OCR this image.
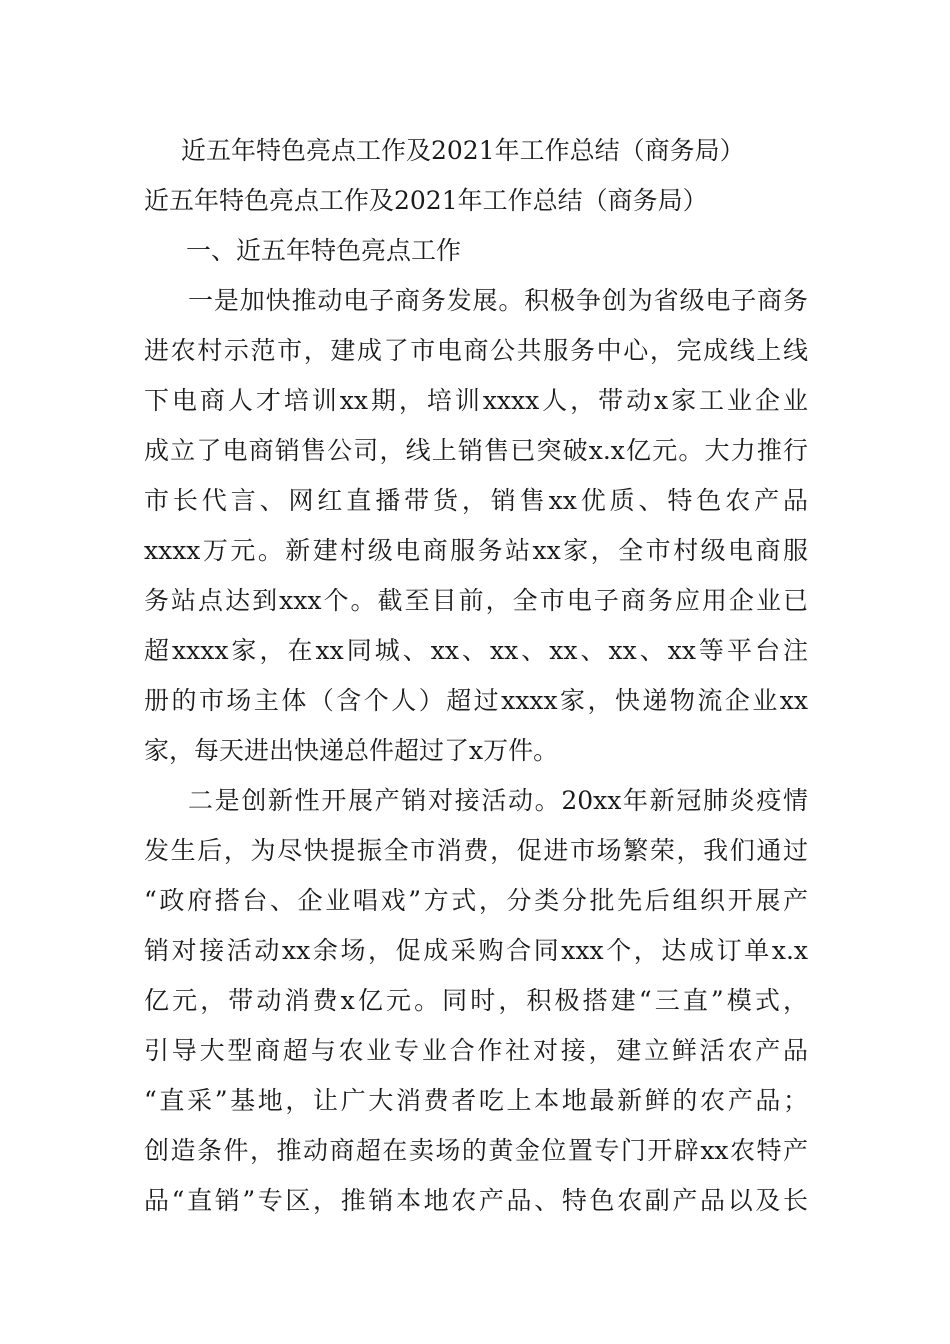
近五年特色亮点工作及2021年工作总结（商务局）
近五年特色亮点工作及2021年工作总结（商务局）
一、近五年特色亮点工作

一是加快推动电子商务发展。积极争创为省级电子商务
进农村示范市，建成了市电商公共服务中心，完成线上线
下电商人才培训xx期，培训xxxx人，带动x家工业企业
成立了电商销售公司，线上销售已突破x.x亿元。大力推行
市长代言、网红直播带货，销售xx优质、特色农产品
xxxx万元。新建村级电商服务站xx家，全市村级电商服
务站点达到xxx个。截至目前，全市电子商务应用企业已
超xxxx家，在xx同城、xx、xx、xx、xx、xx等平台注
册的市场主体（含个人）超过xxxx家，快递物流企业xx
家，每天进出快递总件超过了x万件。

二是创新性开展产销对接活动。20xx年新冠肺炎疫情
发生后，为尽快提振全市消费，促进市场繁荣，我们通过
“政府搭台、企业唱戏”方式，分类分批先后组织开展产
销对接活动xx余场，促成采购合同xxx个，达成订单x.x
亿元，带动消费x亿元。同时，积极搭建“三直”模式，
引导大型商超与农业专业合作社对接，建立鲜活农产品
“直采”基地，让广大消费者吃上本地最新鲜的农产品；
创造条件，推动商超在卖场的黄金位置专门开辟xx农特产
品“直销”专区，推销本地农产品、特色农副产品以及长
